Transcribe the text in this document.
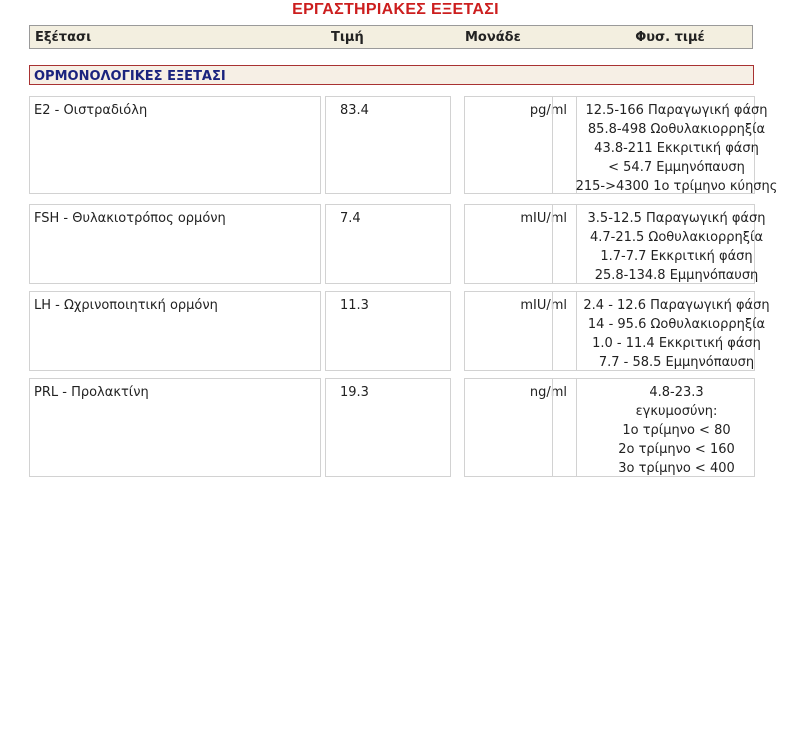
ΕΡΓΑΣΤΗΡΙΑΚΕΣ ΕΞΕΤΑΣΙ
Εξέτασι	Τιμή	Μονάδε	Φυσ. τιμέ
ΟΡΜΟΝΟΛΟΓΙΚΕΣ ΕΞΕΤΑΣΙ
E2 - Οιστραδιόλη	83.4	pg/ml	12.5-166 Παραγωγική φάση
85.8-498 Ωοθυλακιορρηξία
43.8-211 Εκκριτική φάση
< 54.7 Εμμηνόπαυση
215->4300 1ο τρίμηνο κύησης
FSH - Θυλακιοτρόπος ορμόνη	7.4	mIU/ml	3.5-12.5 Παραγωγική φάση
4.7-21.5 Ωοθυλακιορρηξία
1.7-7.7 Εκκριτική φάση
25.8-134.8 Εμμηνόπαυση
LH - Ωχρινοποιητική ορμόνη	11.3	mIU/ml	2.4 - 12.6 Παραγωγική φάση
14 - 95.6 Ωοθυλακιορρηξία
1.0 - 11.4 Εκκριτική φάση
7.7 - 58.5 Εμμηνόπαυση
PRL - Προλακτίνη	19.3	ng/ml	4.8-23.3
εγκυμοσύνη:
1ο τρίμηνο < 80
2ο τρίμηνο < 160
3ο τρίμηνο < 400
